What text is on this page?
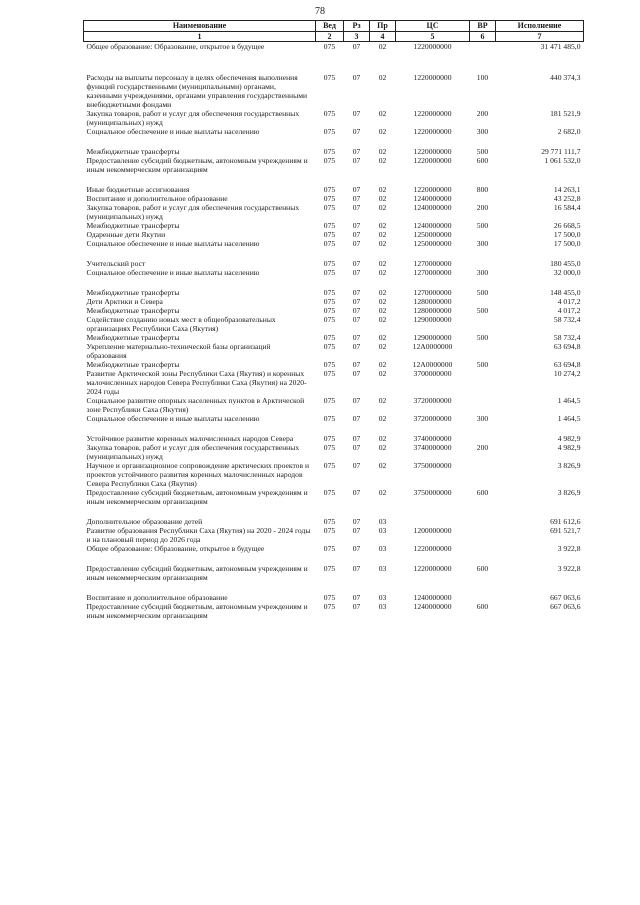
78
Наименование	Вед	Рз	Пр	ЦС	ВР	Исполнение
1	2	3	4	5	6	7
Общее образование: Образование, открытое в будущее	075	07	02	1220000000		31 471 485,0

Расходы на выплаты персоналу в целях обеспечения выполнения функций государственными (муниципальными) органами, казенными учреждениями, органами управления государственными внебюджетными фондами	075	07	02	1220000000	100	440 374,3
Закупка товаров, работ и услуг для обеспечения государственных (муниципальных) нужд	075	07	02	1220000000	200	181 521,9
Социальное обеспечение и иные выплаты населению	075	07	02	1220000000	300	2 682,0

Межбюджетные трансферты	075	07	02	1220000000	500	29 771 111,7
Предоставление субсидий бюджетным, автономным учреждениям и иным некоммерческим организациям	075	07	02	1220000000	600	1 061 532,0

Иные бюджетные ассигнования	075	07	02	1220000000	800	14 263,1
Воспитание и дополнительное образование	075	07	02	1240000000		43 252,8
Закупка товаров, работ и услуг для обеспечения государственных (муниципальных) нужд	075	07	02	1240000000	200	16 584,4
Межбюджетные трансферты	075	07	02	1240000000	500	26 668,5
Одаренные дети Якутии	075	07	02	1250000000		17 500,0
Социальное обеспечение и иные выплаты населению	075	07	02	1250000000	300	17 500,0

Учительский рост	075	07	02	1270000000		180 455,0
Социальное обеспечение и иные выплаты населению	075	07	02	1270000000	300	32 000,0

Межбюджетные трансферты	075	07	02	1270000000	500	148 455,0
Дети Арктики и Севера	075	07	02	1280000000		4 017,2
Межбюджетные трансферты	075	07	02	1280000000	500	4 017,2
Содействие созданию новых мест в общеобразовательных организациях Республики Саха (Якутия)	075	07	02	1290000000		58 732,4
Межбюджетные трансферты	075	07	02	1290000000	500	58 732,4
Укрепление материально-технической базы организаций образования	075	07	02	12А0000000		63 694,8
Межбюджетные трансферты	075	07	02	12А0000000	500	63 694,8
Развитие Арктической зоны Республики Саха (Якутия) и коренных малочисленных народов Севера Республики Саха (Якутия) на 2020-2024 годы	075	07	02	3700000000		10 274,2
Социальное развитие опорных населенных пунктов в Арктической зоне Республики Саха (Якутия)	075	07	02	3720000000		1 464,5
Социальное обеспечение и иные выплаты населению	075	07	02	3720000000	300	1 464,5

Устойчивое развитие коренных малочисленных народов Севера	075	07	02	3740000000		4 982,9
Закупка товаров, работ и услуг для обеспечения государственных (муниципальных) нужд	075	07	02	3740000000	200	4 982,9
Научное и организационное сопровождение арктических проектов и проектов устойчивого развития коренных малочисленных народов Севера Республики Саха (Якутия)	075	07	02	3750000000		3 826,9
Предоставление субсидий бюджетным, автономным учреждениям и иным некоммерческим организациям	075	07	02	3750000000	600	3 826,9

Дополнительное образование детей	075	07	03			691 612,6
Развитие образования Республики Саха (Якутия) на 2020 - 2024 годы и на плановый период до 2026 года	075	07	03	1200000000		691 521,7
Общее образование: Образование, открытое в будущее	075	07	03	1220000000		3 922,8

Предоставление субсидий бюджетным, автономным учреждениям и иным некоммерческим организациям	075	07	03	1220000000	600	3 922,8

Воспитание и дополнительное образование	075	07	03	1240000000		667 063,6
Предоставление субсидий бюджетным, автономным учреждениям и иным некоммерческим организациям	075	07	03	1240000000	600	667 063,6
